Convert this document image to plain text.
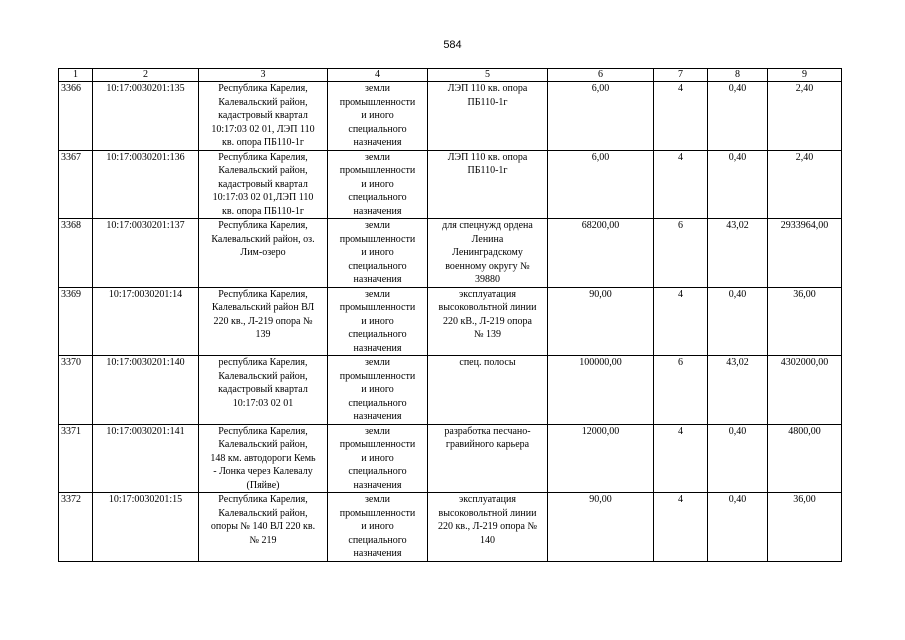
584
1	2	3	4	5	6	7	8	9
3366	10:17:0030201:135	Республика Карелия,
Калевальский район,
кадастровый квартал
10:17:03 02 01, ЛЭП 110
кв. опора ПБ110-1г	земли
промышленности
и иного
специального
назначения	ЛЭП 110 кв. опора
ПБ110-1г	6,00	4	0,40	2,40
3367	10:17:0030201:136	Республика Карелия,
Калевальский район,
кадастровый квартал
10:17:03 02 01,ЛЭП 110
кв. опора ПБ110-1г	земли
промышленности
и иного
специального
назначения	ЛЭП 110 кв. опора
ПБ110-1г	6,00	4	0,40	2,40
3368	10:17:0030201:137	Республика Карелия,
Калевальский район, оз.
Лим-озеро	земли
промышленности
и иного
специального
назначения	для спецнужд ордена
Ленина
Ленинградскому
военному округу №
39880	68200,00	6	43,02	2933964,00
3369	10:17:0030201:14	Республика Карелия,
Калевальский район ВЛ
220 кв., Л-219 опора №
139	земли
промышленности
и иного
специального
назначения	эксплуатация
высоковольтной линии
220 кВ., Л-219 опора
№ 139	90,00	4	0,40	36,00
3370	10:17:0030201:140	республика Карелия,
Калевальский район,
кадастровый квартал
10:17:03 02 01	земли
промышленности
и иного
специального
назначения	спец. полосы	100000,00	6	43,02	4302000,00
3371	10:17:0030201:141	Республика Карелия,
Калевальский район,
148 км. автодороги Кемь
- Лонка через Калевалу
(Пяйве)	земли
промышленности
и иного
специального
назначения	разработка песчано-
гравийного карьера	12000,00	4	0,40	4800,00
3372	10:17:0030201:15	Республика Карелия,
Калевальский район,
опоры № 140 ВЛ 220 кв.
№ 219	земли
промышленности
и иного
специального
назначения	эксплуатация
высоковольтной линии
220 кв., Л-219 опора №
140	90,00	4	0,40	36,00
